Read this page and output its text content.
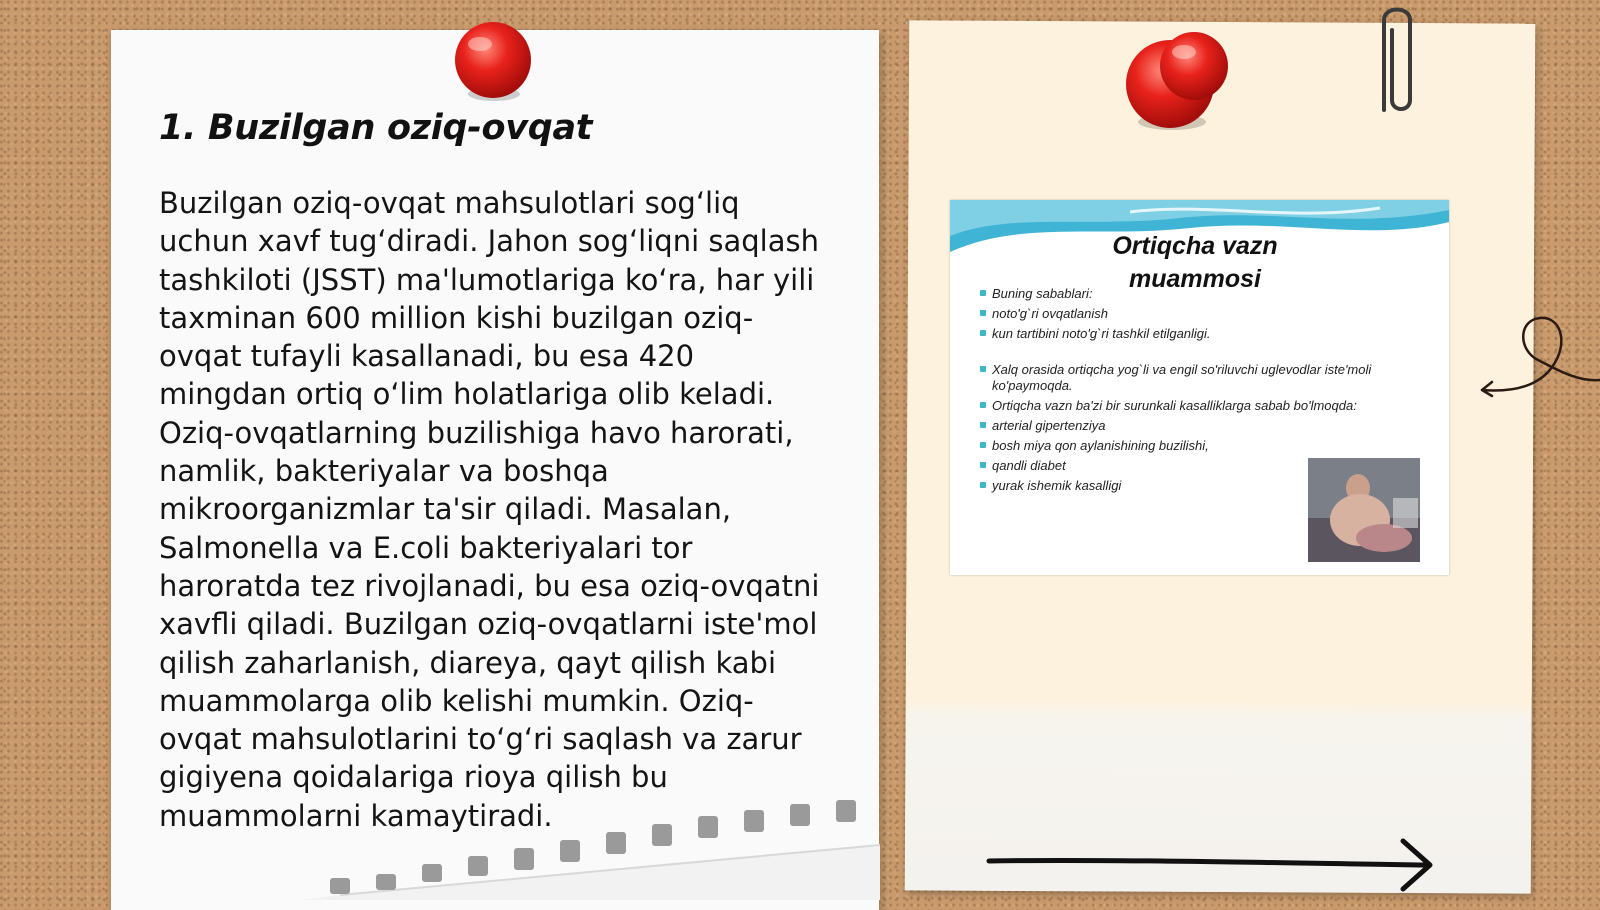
1. Buzilgan oziq-ovqat

Buzilgan oziq-ovqat mahsulotlari sog‘liq
uchun xavf tug‘diradi. Jahon sog‘liqni saqlash
tashkiloti (JSST) ma'lumotlariga ko‘ra, har yili
taxminan 600 million kishi buzilgan oziq-
ovqat tufayli kasallanadi, bu esa 420
mingdan ortiq o‘lim holatlariga olib keladi.
Oziq-ovqatlarning buzilishiga havo harorati,
namlik, bakteriyalar va boshqa
mikroorganizmlar ta'sir qiladi. Masalan,
Salmonella va E.coli bakteriyalari tor
haroratda tez rivojlanadi, bu esa oziq-ovqatni
xavfli qiladi. Buzilgan oziq-ovqatlarni iste'mol
qilish zaharlanish, diareya, qayt qilish kabi
muammolarga olib kelishi mumkin. Oziq-
ovqat mahsulotlarini to‘g‘ri saqlash va zarur
gigiyena qoidalariga rioya qilish bu
muammolarni kamaytiradi.

Ortiqcha vazn muammosi
Buning sabablari:
noto'g`ri ovqatlanish
kun tartibini noto'g`ri tashkil etilganligi.
Xalq orasida ortiqcha yog`li va engil so'riluvchi uglevodlar iste'moli ko'paymoqda.
Ortiqcha vazn ba'zi bir surunkali kasalliklarga sabab bo'lmoqda:
arterial gipertenziya
bosh miya qon aylanishining buzilishi,
qandli diabet
yurak ishemik kasalligi
